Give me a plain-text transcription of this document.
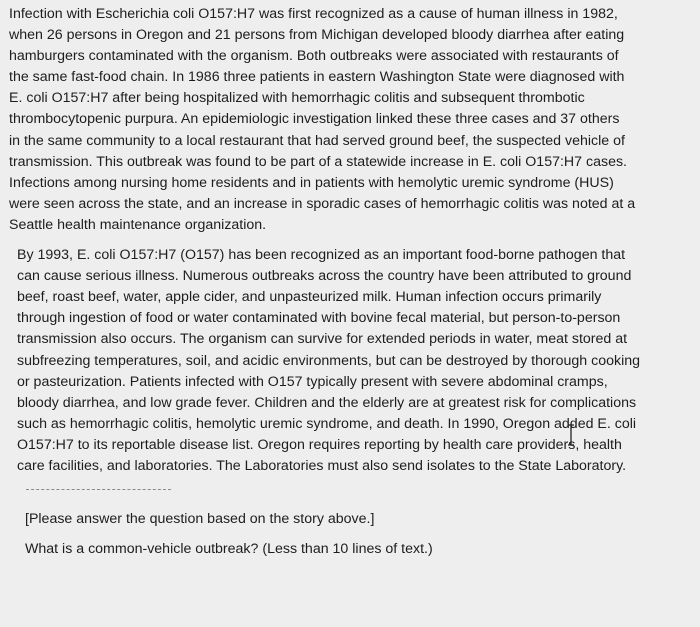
Infection with Escherichia coli O157:H7 was first recognized as a cause of human illness in 1982,
when 26 persons in Oregon and 21 persons from Michigan developed bloody diarrhea after eating
hamburgers contaminated with the organism. Both outbreaks were associated with restaurants of
the same fast-food chain. In 1986 three patients in eastern Washington State were diagnosed with
E. coli O157:H7 after being hospitalized with hemorrhagic colitis and subsequent thrombotic
thrombocytopenic purpura. An epidemiologic investigation linked these three cases and 37 others
in the same community to a local restaurant that had served ground beef, the suspected vehicle of
transmission. This outbreak was found to be part of a statewide increase in E. coli O157:H7 cases.
Infections among nursing home residents and in patients with hemolytic uremic syndrome (HUS)
were seen across the state, and an increase in sporadic cases of hemorrhagic colitis was noted at a
Seattle health maintenance organization.

By 1993, E. coli O157:H7 (O157) has been recognized as an important food-borne pathogen that
can cause serious illness. Numerous outbreaks across the country have been attributed to ground
beef, roast beef, water, apple cider, and unpasteurized milk. Human infection occurs primarily
through ingestion of food or water contaminated with bovine fecal material, but person-to-person
transmission also occurs. The organism can survive for extended periods in water, meat stored at
subfreezing temperatures, soil, and acidic environments, but can be destroyed by thorough cooking
or pasteurization. Patients infected with O157 typically present with severe abdominal cramps,
bloody diarrhea, and low grade fever. Children and the elderly are at greatest risk for complications
such as hemorrhagic colitis, hemolytic uremic syndrome, and death. In 1990, Oregon added E. coli
O157:H7 to its reportable disease list. Oregon requires reporting by health care providers, health
care facilities, and laboratories. The Laboratories must also send isolates to the State Laboratory.

[Please answer the question based on the story above.]
What is a common-vehicle outbreak? (Less than 10 lines of text.)
